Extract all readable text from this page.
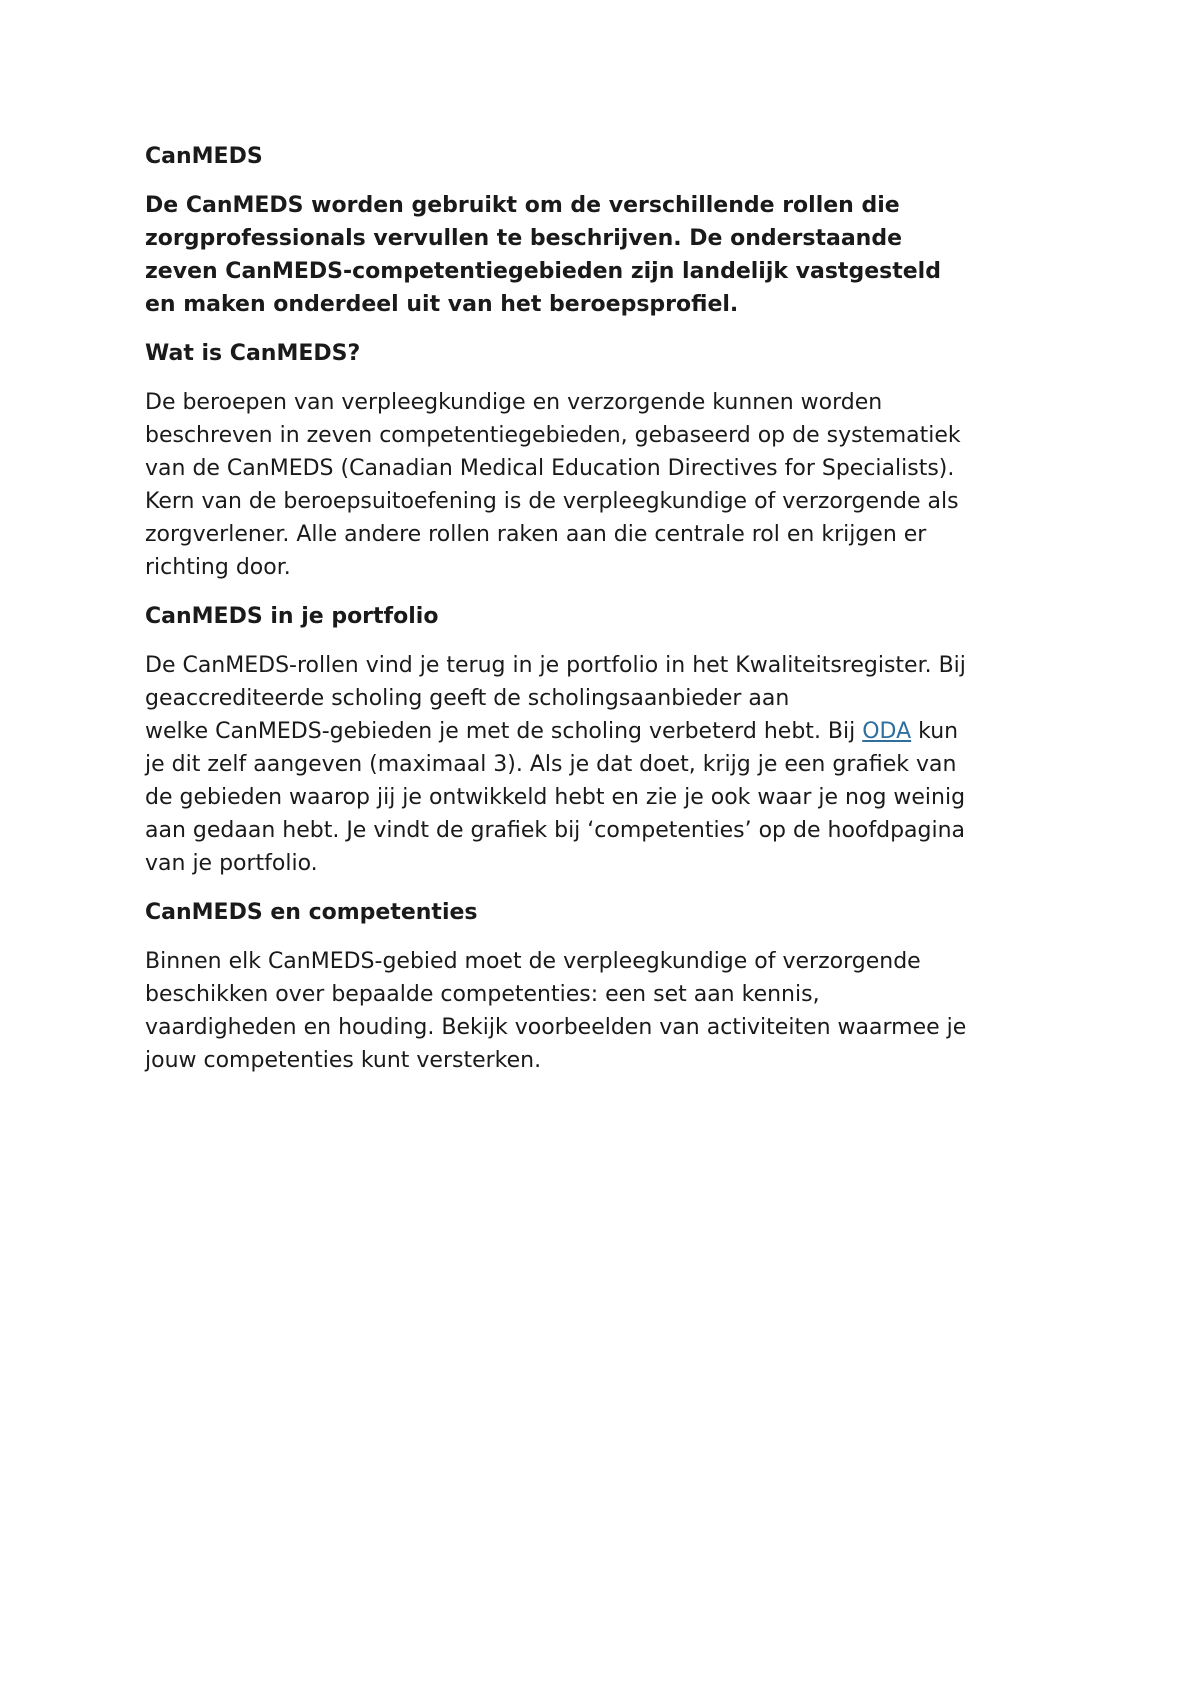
CanMEDS
De CanMEDS worden gebruikt om de verschillende rollen die
zorgprofessionals vervullen te beschrijven. De onderstaande
zeven CanMEDS-competentiegebieden zijn landelijk vastgesteld
en maken onderdeel uit van het beroepsprofiel.
Wat is CanMEDS?
De beroepen van verpleegkundige en verzorgende kunnen worden
beschreven in zeven competentiegebieden, gebaseerd op de systematiek
van de CanMEDS (Canadian Medical Education Directives for Specialists).
Kern van de beroepsuitoefening is de verpleegkundige of verzorgende als
zorgverlener. Alle andere rollen raken aan die centrale rol en krijgen er
richting door.
CanMEDS in je portfolio
De CanMEDS-rollen vind je terug in je portfolio in het Kwaliteitsregister. Bij
geaccrediteerde scholing geeft de scholingsaanbieder aan
welke CanMEDS-gebieden je met de scholing verbeterd hebt. Bij ODA kun
je dit zelf aangeven (maximaal 3). Als je dat doet, krijg je een grafiek van
de gebieden waarop jij je ontwikkeld hebt en zie je ook waar je nog weinig
aan gedaan hebt. Je vindt de grafiek bij ‘competenties’ op de hoofdpagina
van je portfolio.
CanMEDS en competenties
Binnen elk CanMEDS-gebied moet de verpleegkundige of verzorgende
beschikken over bepaalde competenties: een set aan kennis,
vaardigheden en houding. Bekijk voorbeelden van activiteiten waarmee je
jouw competenties kunt versterken.
